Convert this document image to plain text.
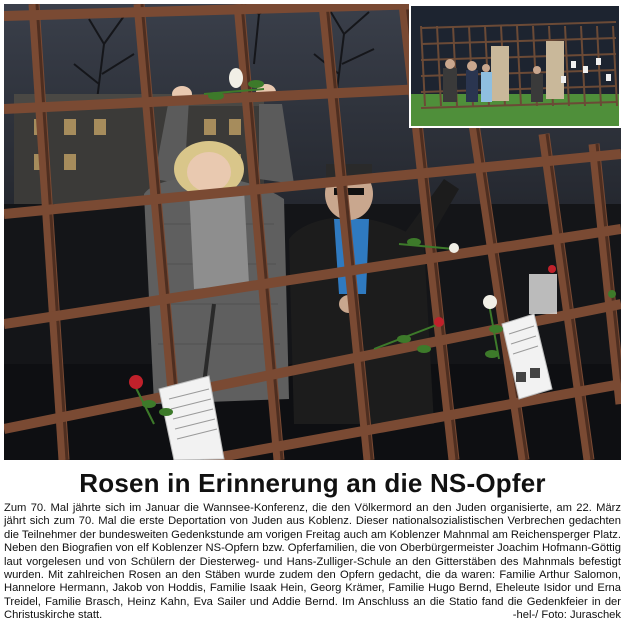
Rosen in Erinnerung an die NS-Opfer

Zum 70. Mal jährte sich im Januar die Wannsee-Konferenz, die den Völkermord an den Juden organisierte, am 22. März jährt sich zum 70. Mal die erste Deportation von Juden aus Koblenz. Dieser nationalsozialistischen Verbrechen gedachten die Teilnehmer der bundesweiten Gedenkstunde am vorigen Freitag auch am Koblenzer Mahnmal am Reichensperger Platz. Neben den Biografien von elf Koblenzer NS-Opfern bzw. Opferfamilien, die von Oberbürgermeister Joachim Hofmann-Göttig laut vorgelesen und von Schülern der Diesterweg- und Hans-Zulliger-Schule an den Gitterstäben des Mahnmals befestigt wurden. Mit zahlreichen Rosen an den Stäben wurde zudem den Opfern gedacht, die da waren: Familie Arthur Salomon, Hannelore Hermann, Jakob von Hoddis, Familie Isaak Hein, Georg Krämer, Familie Hugo Bernd, Eheleute Isidor und Erna Treidel, Familie Brasch, Heinz Kahn, Eva Sailer und Addie Bernd. Im Anschluss an die Statio fand die Gedenkfeier in der Christuskirche statt.	-hel-/ Foto: Juraschek
